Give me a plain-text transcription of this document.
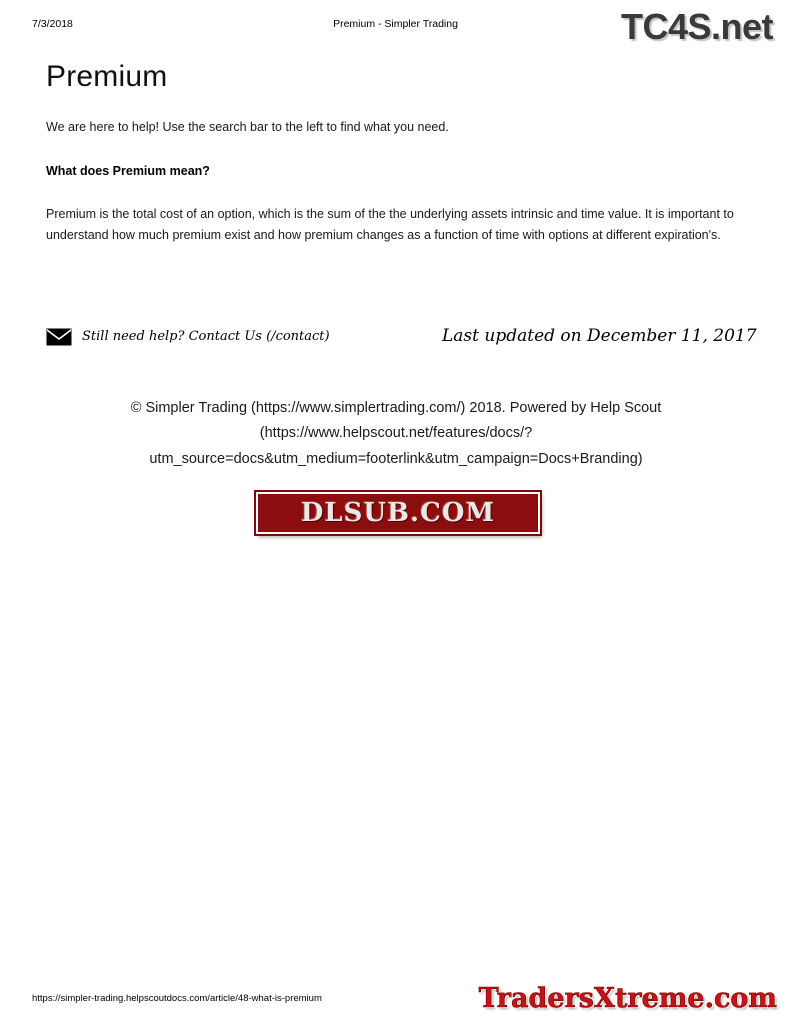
7/3/2018	Premium - Simpler Trading	TC4S.net
Premium

We are here to help! Use the search bar to the left to find what you need.

What does Premium mean?

Premium is the total cost of an option, which is the sum of the the underlying assets intrinsic and time value. It is important to understand how much premium exist and how premium changes as a function of time with options at different expiration's.

Still need help? Contact Us (/contact)	Last updated on December 11, 2017
© Simpler Trading (https://www.simplertrading.com/) 2018. Powered by Help Scout
(https://www.helpscout.net/features/docs/?
utm_source=docs&utm_medium=footerlink&utm_campaign=Docs+Branding)
DLSUB.COM
https://simpler-trading.helpscoutdocs.com/article/48-what-is-premium	TradersXtreme.com
